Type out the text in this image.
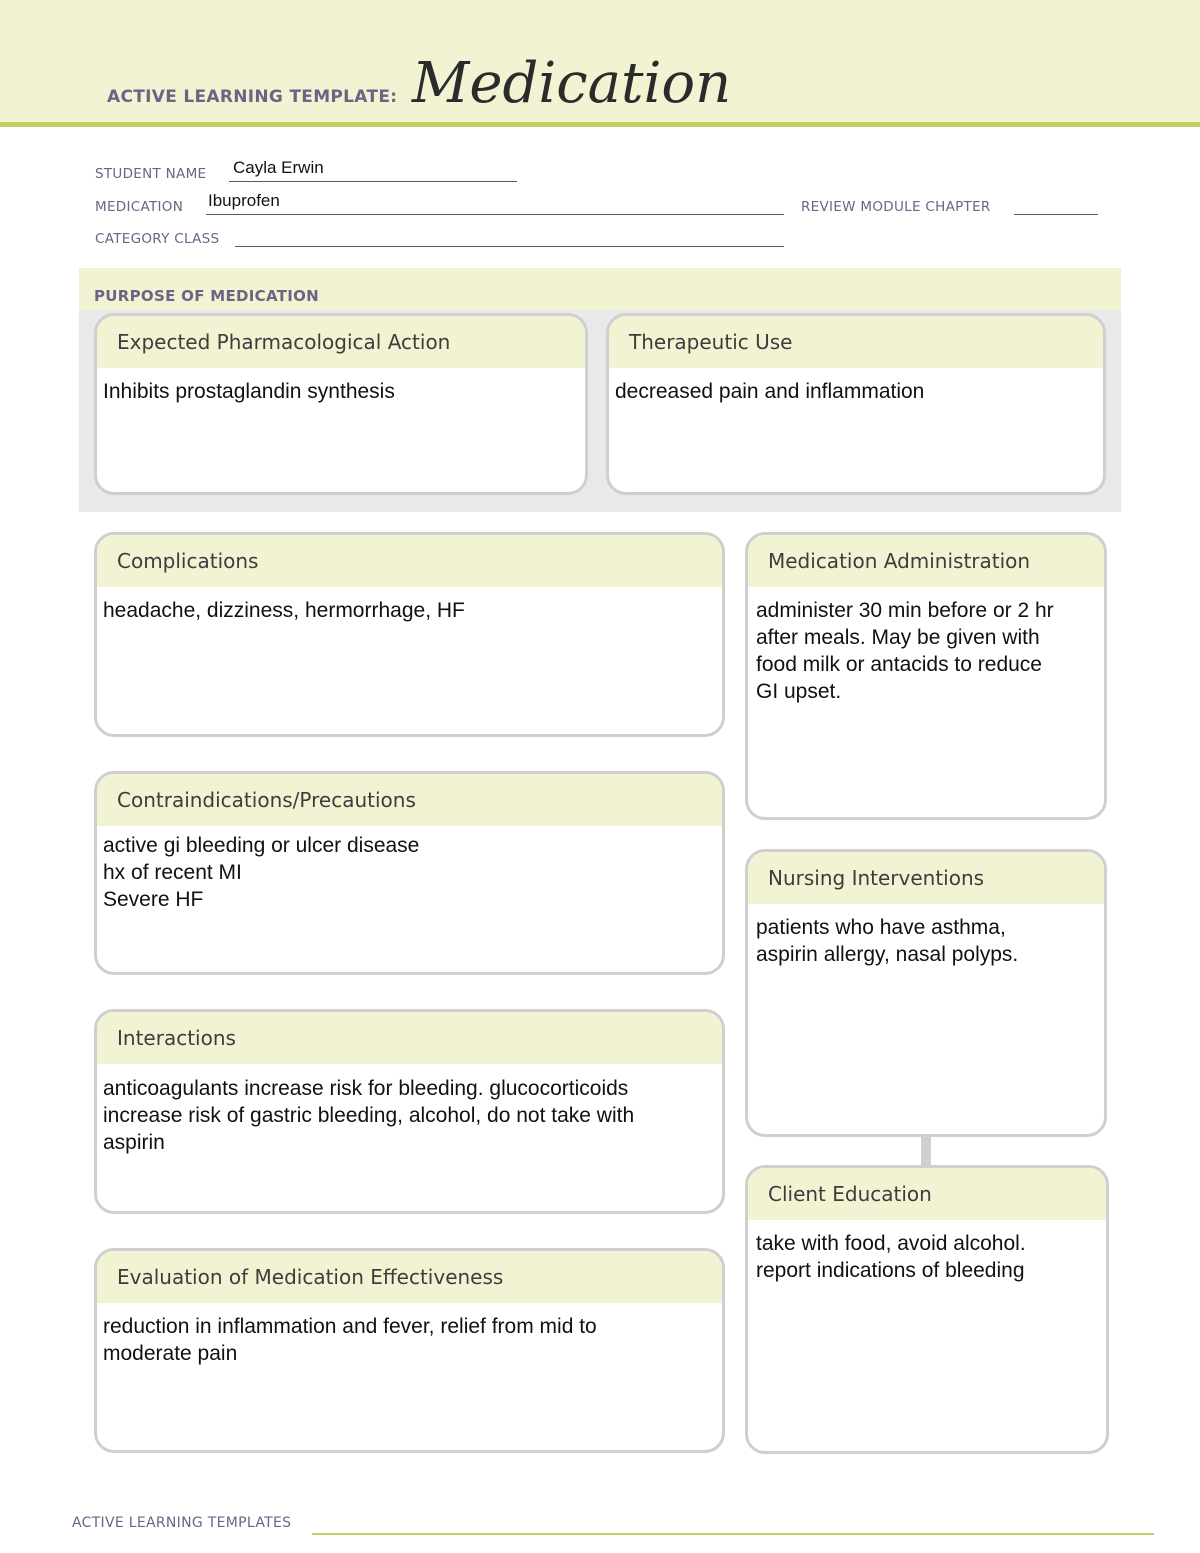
ACTIVE LEARNING TEMPLATE: Medication
STUDENT NAME Cayla Erwin
MEDICATION Ibuprofen	REVIEW MODULE CHAPTER
CATEGORY CLASS
PURPOSE OF MEDICATION
Expected Pharmacological Action
Inhibits prostaglandin synthesis
Therapeutic Use
decreased pain and inflammation
Complications
headache, dizziness, hermorrhage, HF
Contraindications/Precautions
active gi bleeding or ulcer disease
hx of recent MI
Severe HF
Interactions
anticoagulants increase risk for bleeding. glucocorticoids
increase risk of gastric bleeding, alcohol, do not take with
aspirin
Evaluation of Medication Effectiveness
reduction in inflammation and fever, relief from mid to
moderate pain
Medication Administration
administer 30 min before or 2 hr
after meals. May be given with
food milk or antacids to reduce
GI upset.
Nursing Interventions
patients who have asthma,
aspirin allergy, nasal polyps.
Client Education
take with food, avoid alcohol.
report indications of bleeding
ACTIVE LEARNING TEMPLATES
